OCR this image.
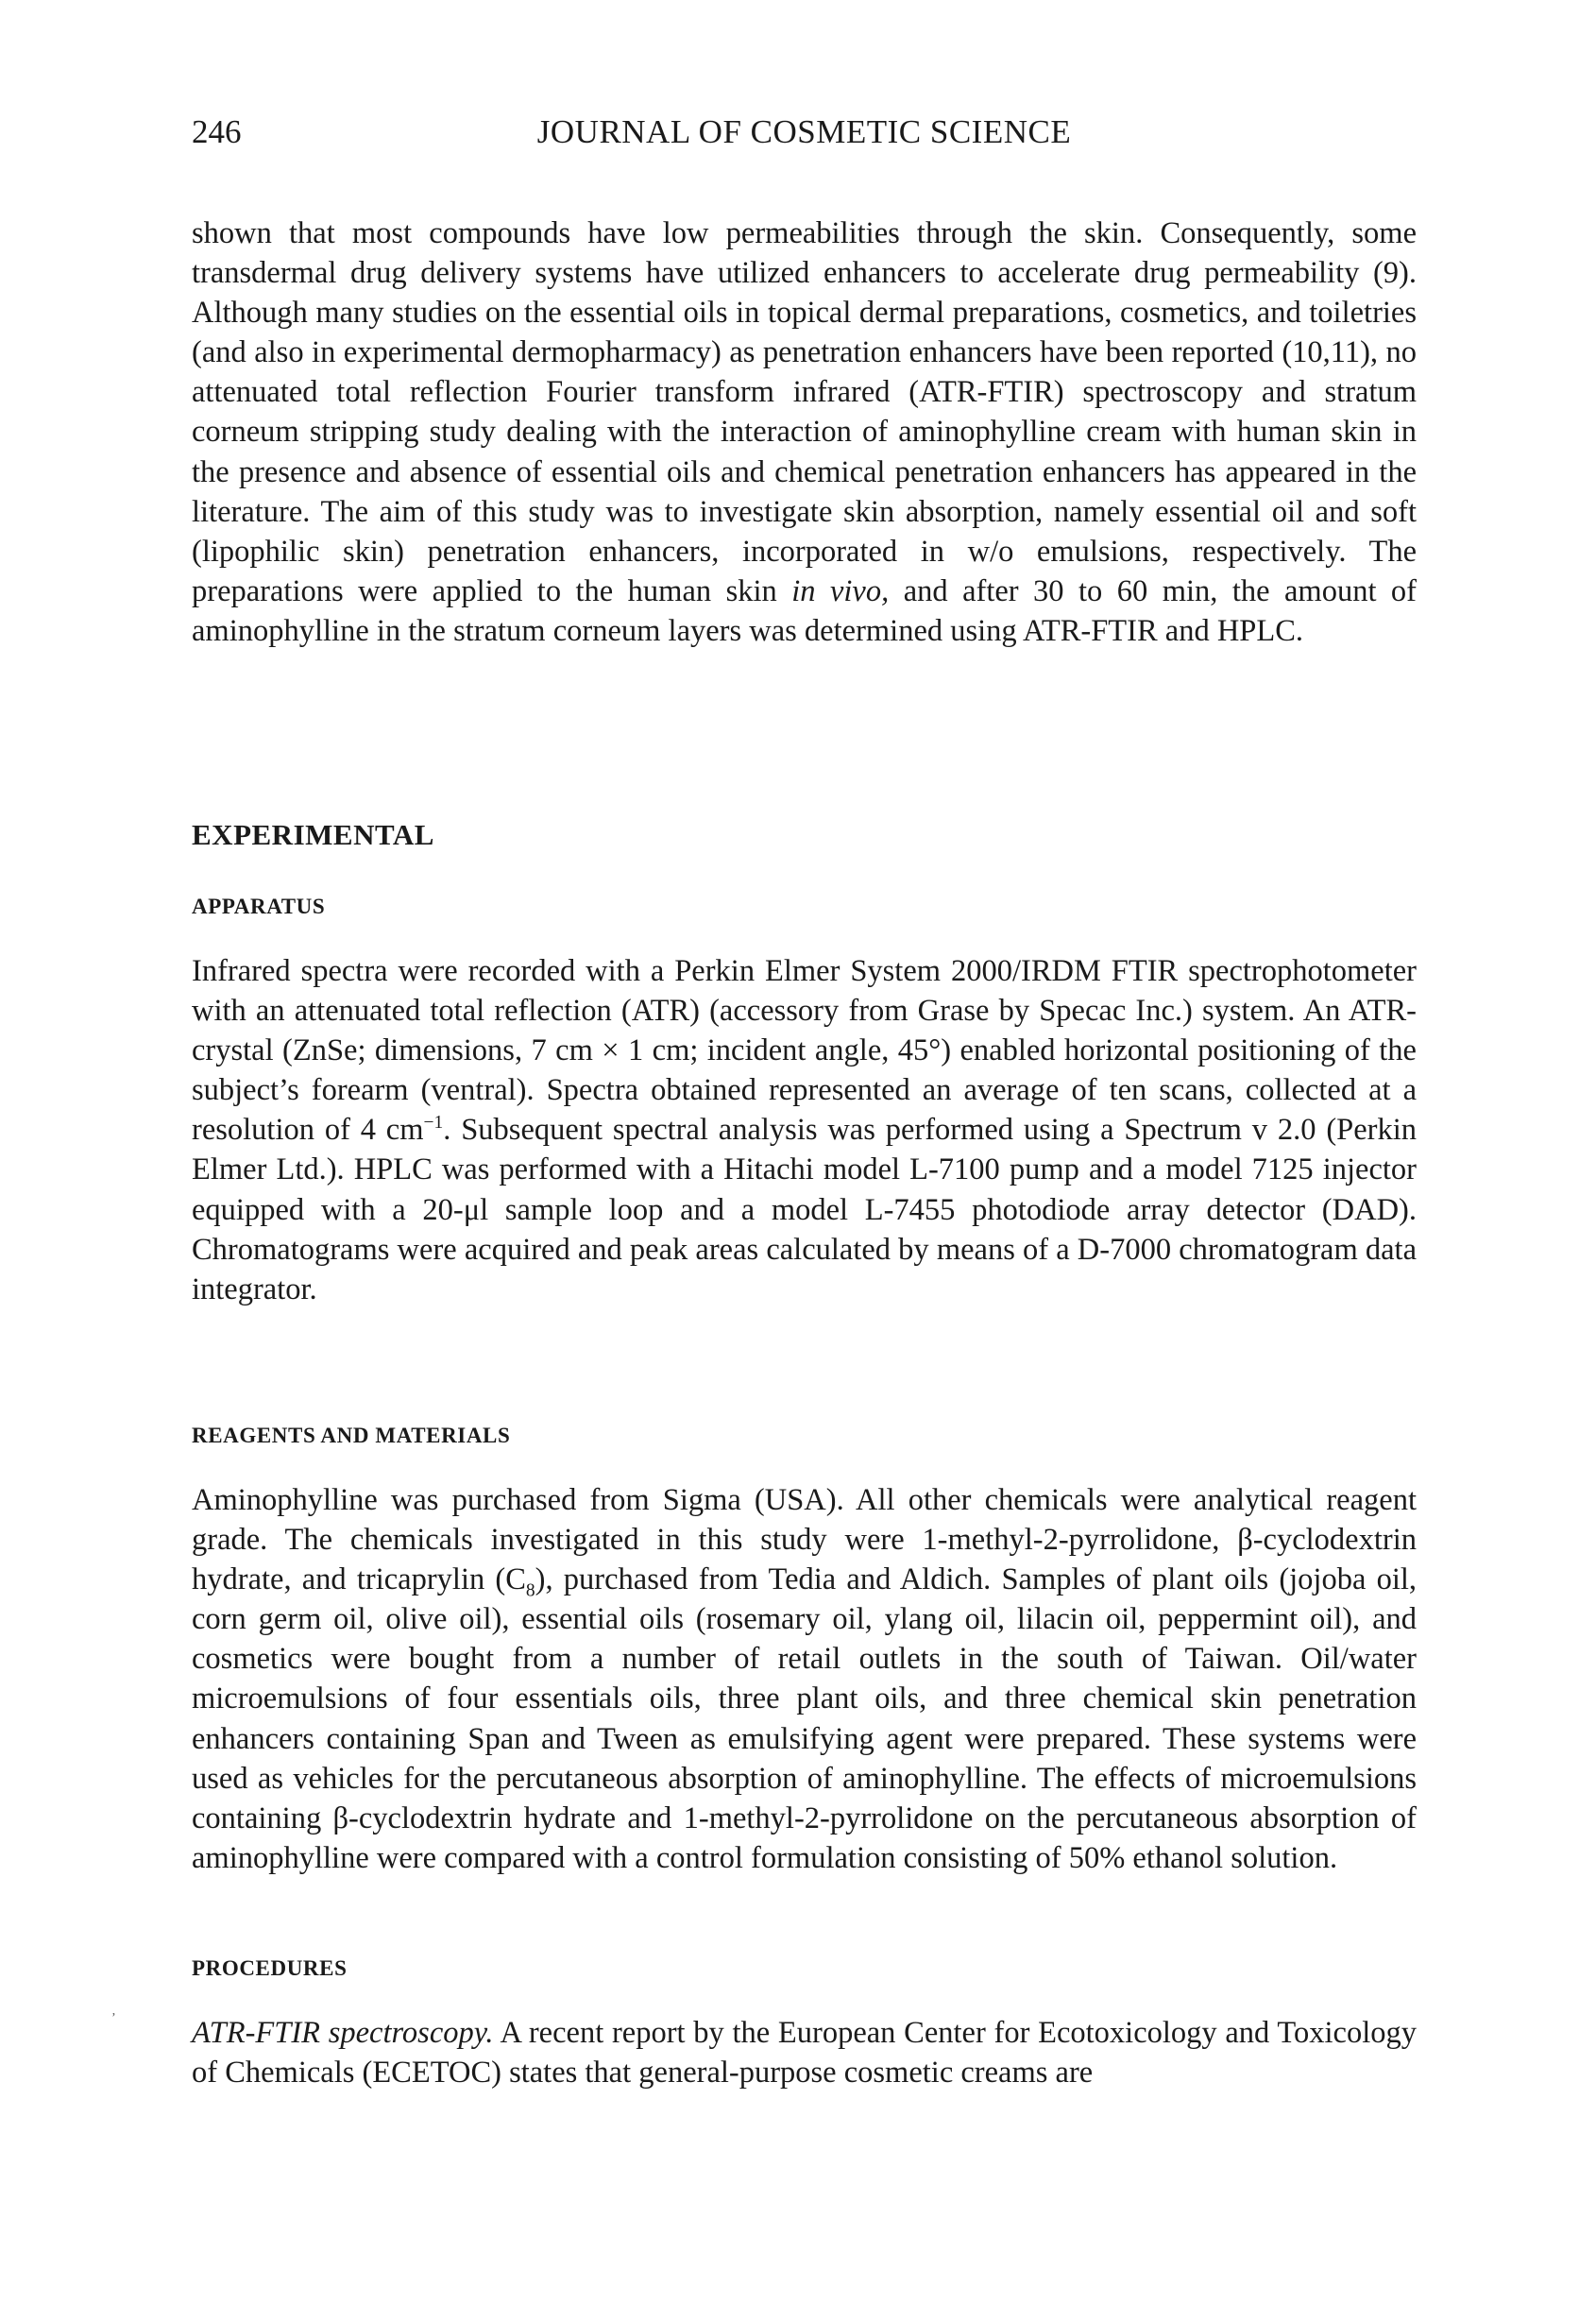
246	JOURNAL OF COSMETIC SCIENCE

shown that most compounds have low permeabilities through the skin. Consequently, some transdermal drug delivery systems have utilized enhancers to accelerate drug permeability (9). Although many studies on the essential oils in topical dermal preparations, cosmetics, and toiletries (and also in experimental dermopharmacy) as penetration enhancers have been reported (10,11), no attenuated total reflection Fourier transform infrared (ATR-FTIR) spectroscopy and stratum corneum stripping study dealing with the interaction of aminophylline cream with human skin in the presence and absence of essential oils and chemical penetration enhancers has appeared in the literature. The aim of this study was to investigate skin absorption, namely essential oil and soft (lipophilic skin) penetration enhancers, incorporated in w/o emulsions, respectively. The preparations were applied to the human skin in vivo, and after 30 to 60 min, the amount of aminophylline in the stratum corneum layers was determined using ATR-FTIR and HPLC.

EXPERIMENTAL
APPARATUS

Infrared spectra were recorded with a Perkin Elmer System 2000/IRDM FTIR spectrophotometer with an attenuated total reflection (ATR) (accessory from Grase by Specac Inc.) system. An ATR-crystal (ZnSe; dimensions, 7 cm × 1 cm; incident angle, 45°) enabled horizontal positioning of the subject’s forearm (ventral). Spectra obtained represented an average of ten scans, collected at a resolution of 4 $cm^{-1}$. Subsequent spectral analysis was performed using a Spectrum v 2.0 (Perkin Elmer Ltd.). HPLC was performed with a Hitachi model L-7100 pump and a model 7125 injector equipped with a 20-μl sample loop and a model L-7455 photodiode array detector (DAD). Chromatograms were acquired and peak areas calculated by means of a D-7000 chromatogram data integrator.

REAGENTS AND MATERIALS

Aminophylline was purchased from Sigma (USA). All other chemicals were analytical reagent grade. The chemicals investigated in this study were 1-methyl-2-pyrrolidone, β-cyclodextrin hydrate, and tricaprylin $(C_8)$, purchased from Tedia and Aldich. Samples of plant oils (jojoba oil, corn germ oil, olive oil), essential oils (rosemary oil, ylang oil, lilacin oil, peppermint oil), and cosmetics were bought from a number of retail outlets in the south of Taiwan. Oil/water microemulsions of four essentials oils, three plant oils, and three chemical skin penetration enhancers containing Span and Tween as emulsifying agent were prepared. These systems were used as vehicles for the percutaneous absorption of aminophylline. The effects of microemulsions containing β-cyclodextrin hydrate and 1-methyl-2-pyrrolidone on the percutaneous absorption of aminophylline were compared with a control formulation consisting of 50% ethanol solution.

PROCEDURES
ʼ ATR-FTIR spectroscopy. A recent report by the European Center for Ecotoxicology and Toxicology of Chemicals (ECETOC) states that general-purpose cosmetic creams are
